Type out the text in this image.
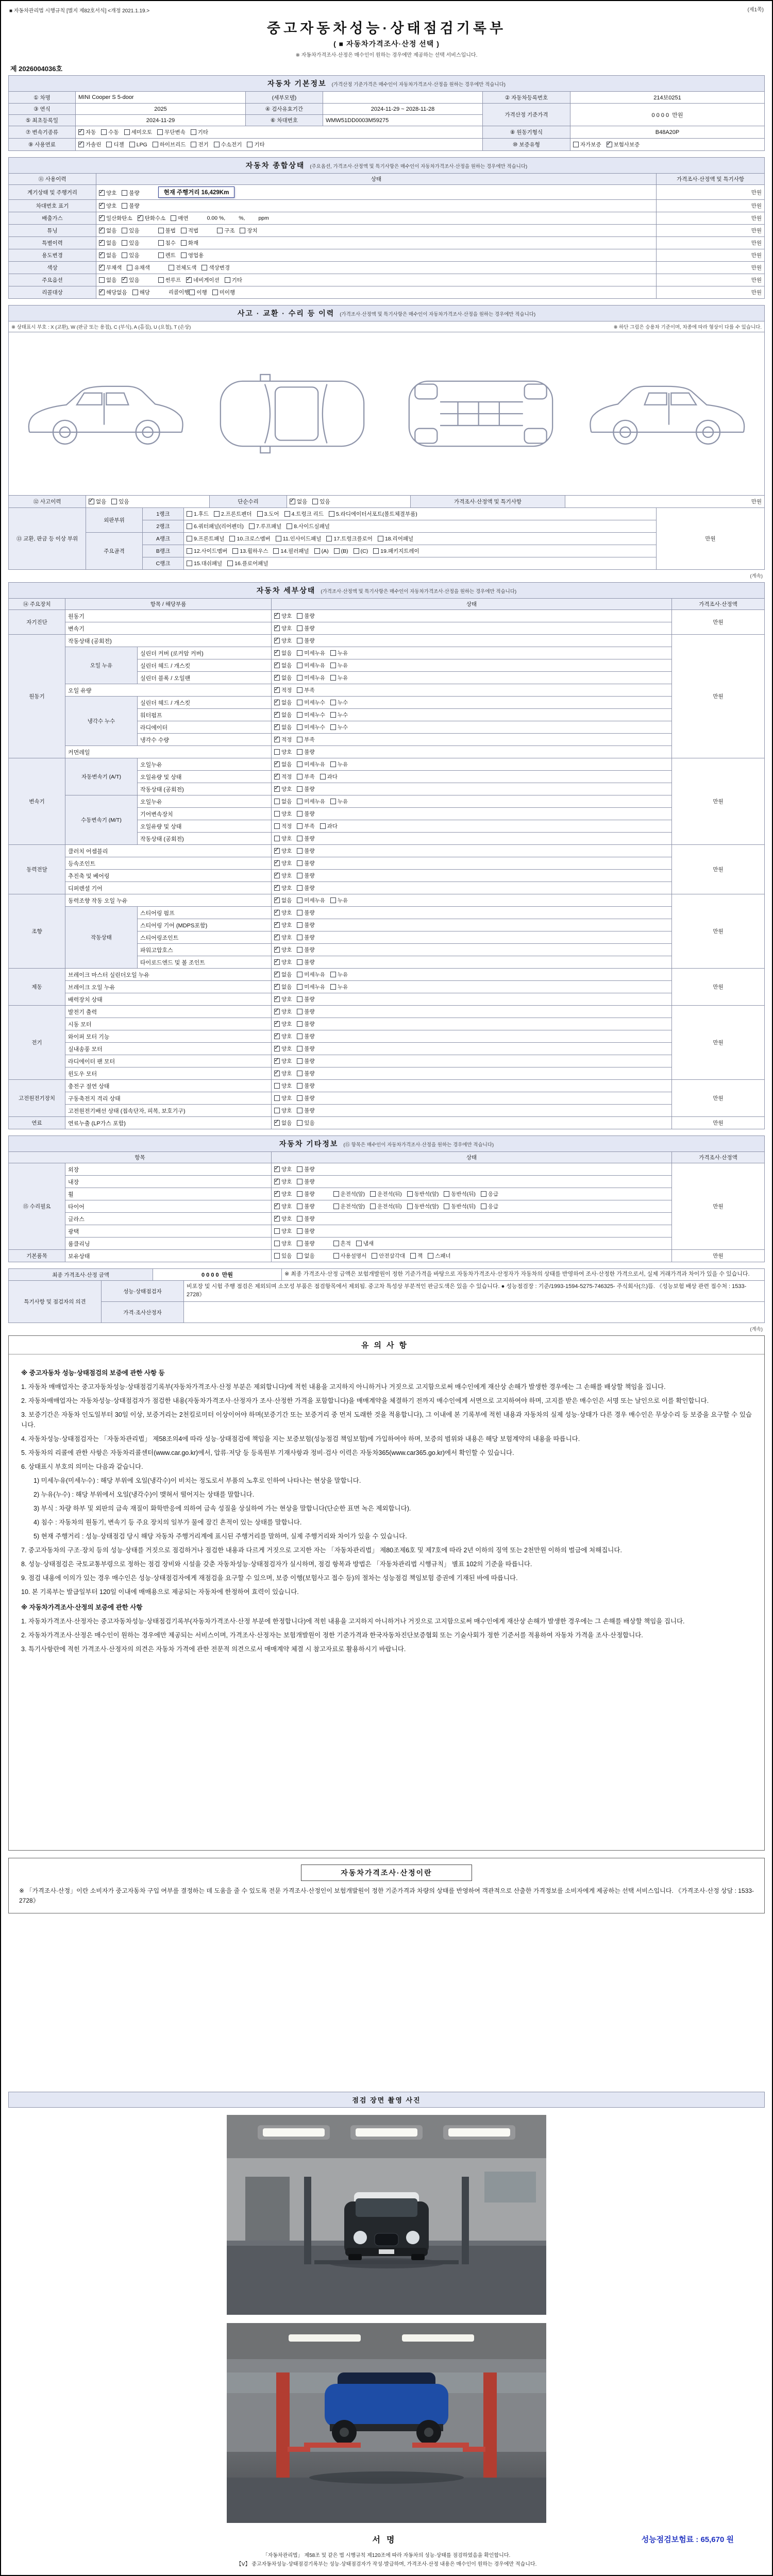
■ 자동차관리법 시행규칙 [별지 제82호서식] <개정 2021.1.19.>	(제1쪽)
중고자동차성능·상태점검기록부
( ■ 자동차가격조사·산정 선택 )
※ 자동차가격조사·산정은 매수인이 원하는 경우에만 제공하는 선택 서비스입니다.
제 2026004036호
자동차 기본정보 (가격산정 기준가격은 매수인이 자동차가격조사·산정을 원하는 경우에만 적습니다)					
① 차명	MINI Cooper S 5-door	(세부모델)		② 자동차등록번호	214보0251
③ 연식	2025	④ 검사유효기간	2024-11-29 ~ 2028-11-28	가격산정 기준가격	0 0 0 0 만원
⑤ 최초등록일	2024-11-29	⑥ 차대번호	WMW51DD0003M59275		
⑦ 변속기종류	
✓자동 수동 세미오토 무단변속 기타			⑧ 원동기형식	B48A20P
⑨ 사용연료	
✓가솔린 디젤 LPG 하이브리드 전기 수소전기 기타	⑩ 보증유형	자가보증 ✓ 보험사보증
자동차 종합상태 (주요옵션, 가격조사·산정액 및 특기사항은 매수인이 자동차가격조사·산정을 원하는 경우에만 적습니다)		
⑪ 사용이력	상태	가격조사·산정액 및 특기사항
계기상태 및 주행거리	
✓양호 불량 현재 주행거리 16,429Km	만원
차대번호 표기	
✓양호 불량	만원
배출가스	
✓일산화탄소 ✓ 탄화수소 매연 0.00 %, %, ppm	만원
튜닝	
✓없음 있음	불법 적법	구조 장치	만원
특별이력	
✓없음 있음 침수 화재	만원
용도변경	
✓없음 있음 렌트 영업용	만원
색상	
✓무채색 유채색 전체도색 색상변경	만원
주요옵션	없음 ✓ 있음 썬루프 ✓ 네비게이션 기타	만원
리콜대상	
✓해당없음 해당 리콜이행 이행 미이행	만원
사고 · 교환 · 수리 등 이력 (가격조사·산정액 및 특기사항은 매수인이 자동차가격조사·산정을 원하는 경우에만 적습니다)

※ 상태표시 부호 : X (교환), W (판금 또는 용접), C (부식), A (흠집), U (요철), T (손상)	※ 하단 그림은 승용차 기준이며, 차종에 따라 형상이 다를 수 있습니다.

⑫ 사고이력	
✓없음 있음	단순수리	
✓없음 있음	가격조사·산정액 및 특기사항	만원
⑬ 교환, 판금 등 이상 부위	외판부위	1랭크	1.후드 2.프론트펜더 3.도어 4.트렁크 리드 5.라디에이터서포트(볼트체결부품)	만원
		2랭크	6.쿼터패널(리어펜더) 7.루프패널 8.사이드실패널	

	주요골격	A랭크	9.프론트패널 10.크로스멤버 11.인사이드패널 17.트렁크플로어 18.리어패널	

B랭크	12.사이드멤버 13.휠하우스 14.필러패널 (A) (B) (C) 19.패키지트레이

		C랭크	15.대쉬패널 16.플로어패널	
(계속)
자동차 세부상태 (가격조사·산정액 및 특기사항은 매수인이 자동차가격조사·산정을 원하는 경우에만 적습니다)				
⑭ 주요장치	항목 / 해당부품		상태	가격조사·산정액
자기진단	원동기	
✓양호 불량	만원
	변속기	
✓양호 불량

원동기	작동상태 (공회전)	
✓양호 불량	만원
	오일 누유	실린더 커버 (로커암 커버)	
✓없음 미세누유 누유

		실린더 헤드 / 개스킷	
✓없음 미세누유 누유

		실린더 블록 / 오일팬	
✓없음 미세누유 누유

	오일 유량	
✓적정 부족

	냉각수 누수	실린더 헤드 / 개스킷	
✓없음 미세누수 누수

		워터펌프	
✓없음 미세누수 누수

		라디에이터	
✓없음 미세누수 누수

		냉각수 수량	
✓적정 부족

	커먼레일		양호 불량	

변속기	자동변속기 (A/T)	오일누유	
✓없음 미세누유 누유	만원
		오일유량 및 상태	
✓적정 부족 과다

		작동상태 (공회전)	
✓양호 불량

	수동변속기 (M/T)	오일누유	없음 미세누유 누유	

		기어변속장치	양호 불량	

		오일유량 및 상태	적정 부족 과다	

		작동상태 (공회전)	양호 불량	

동력전달	클러치 어셈블리	
✓양호 불량	만원
	등속조인트	
✓양호 불량

	추진축 및 베어링	
✓양호 불량

	디퍼렌셜 기어	
✓양호 불량

조향	동력조향 작동 오일 누유	
✓없음 미세누유 누유	만원
	작동상태	스티어링 펌프	
✓양호 불량

		스티어링 기어 (MDPS포함)	
✓양호 불량

		스티어링조인트	
✓양호 불량

		파워고압호스	
✓양호 불량

		타이로드엔드 및 볼 조인트	
✓양호 불량

제동	브레이크 마스터 실린더오일 누유	
✓없음 미세누유 누유	만원
	브레이크 오일 누유	
✓없음 미세누유 누유

	배력장치 상태	
✓양호 불량

전기	발전기 출력	
✓양호 불량	만원
	시동 모터	
✓양호 불량

	와이퍼 모터 기능	
✓양호 불량

	실내송풍 모터	
✓양호 불량

	라디에이터 팬 모터	
✓양호 불량

	윈도우 모터	
✓양호 불량

고전원전기장치	충전구 절연 상태		양호 불량	만원
	구동축전지 격리 상태		양호 불량	

	고전원전기배선 상태 (접속단자, 피복, 보호기구)		양호 불량	

연료	연료누출 (LP가스 포함)	
✓없음 있음	만원
자동차 기타정보 (⑮ 항목은 매수인이 자동차가격조사·산정을 원하는 경우에만 적습니다)			
항목		상태	가격조사·산정액
⑮ 수리필요	외장	
✓양호 불량	만원
	내장	
✓양호 불량

휠	
✓양호 불량	운전석(앞) 운전석(뒤) 동반석(앞) 동반석(뒤) 응급

타이어	
✓양호 불량	운전석(앞) 운전석(뒤) 동반석(앞) 동반석(뒤) 응급

	글라스	
✓양호 불량

	광택	양호 불량	

	룸클리닝	양호 불량 흔적 냄새	

기본품목	보유상태	있음 없음	사용설명서 안전삼각대 잭 스패너	만원
최종 가격조사·산정 금액	0 0 0 0 만원	※ 최종 가격조사·산정 금액은 보험개발원이 정한 기준가격을 바탕으로 자동차가격조사·산정자가 자동차의 상태를 반영하여 조사·산정한 가격으로서, 실제 거래가격과 차이가 있을 수 있습니다.
특기사항 및 점검자의 의견	성능·상태점검자	비포장 및 시험 주행 점검은 제외되며 소모성 부품은 점검항목에서 제외됨. 중고차 특성상 부분적인 판금도색은 있을 수 있습니다. ● 성능점검장 : 기준/1993-1594-5275-746325- 주식회사(으)뜸. 《성능보험 배상 관련 접수처 : 1533-2728》
	가격·조사산정자	
(계속)
유의사항
※ 중고자동차 성능·상태점검의 보증에 관한 사항 등
1. 자동차 매매업자는 중고자동차성능·상태점검기록부(자동차가격조사·산정 부분은 제외합니다)에 적힌 내용을 고지하지 아니하거나 거짓으로 고지함으로써 매수인에게 재산상 손해가 발생한 경우에는 그 손해를 배상할 책임을 집니다.
2. 자동차매매업자는 자동차성능·상태점검자가 점검한 내용(자동차가격조사·산정자가 조사·산정한 가격을 포함합니다)을 매매계약을 체결하기 전까지 매수인에게 서면으로 고지하여야 하며, 고지를 받은 매수인은 서명 또는 날인으로 이를 확인합니다.
3. 보증기간은 자동차 인도일부터 30일 이상, 보증거리는 2천킬로미터 이상이어야 하며(보증기간 또는 보증거리 중 먼저 도래한 것을 적용합니다), 그 이내에 본 기록부에 적힌 내용과 자동차의 실제 성능·상태가 다른 경우 매수인은 무상수리 등 보증을 요구할 수 있습니다.
4. 자동차성능·상태점검자는 「자동차관리법」 제58조의4에 따라 성능·상태점검에 책임을 지는 보증보험(성능점검 책임보험)에 가입하여야 하며, 보증의 범위와 내용은 해당 보험계약의 내용을 따릅니다.
5. 자동차의 리콜에 관한 사항은 자동차리콜센터(www.car.go.kr)에서, 압류·저당 등 등록원부 기재사항과 정비·검사 이력은 자동차365(www.car365.go.kr)에서 확인할 수 있습니다.
6. 상태표시 부호의 의미는 다음과 같습니다.
1) 미세누유(미세누수) : 해당 부위에 오일(냉각수)이 비치는 정도로서 부품의 노후로 인하여 나타나는 현상을 말합니다.
2) 누유(누수) : 해당 부위에서 오일(냉각수)이 맺혀서 떨어지는 상태를 말합니다.
3) 부식 : 차량 하부 및 외판의 금속 재질이 화학반응에 의하여 금속 성질을 상실하여 가는 현상을 말합니다(단순한 표면 녹은 제외합니다).
4) 침수 : 자동차의 원동기, 변속기 등 주요 장치의 일부가 물에 잠긴 흔적이 있는 상태를 말합니다.
5) 현재 주행거리 : 성능·상태점검 당시 해당 자동차 주행거리계에 표시된 주행거리를 말하며, 실제 주행거리와 차이가 있을 수 있습니다.
7. 중고자동차의 구조·장치 등의 성능·상태를 거짓으로 점검하거나 점검한 내용과 다르게 거짓으로 고지한 자는 「자동차관리법」 제80조제6호 및 제7호에 따라 2년 이하의 징역 또는 2천만원 이하의 벌금에 처해집니다.
8. 성능·상태점검은 국토교통부령으로 정하는 점검 장비와 시설을 갖춘 자동차성능·상태점검자가 실시하며, 점검 항목과 방법은 「자동차관리법 시행규칙」 별표 102의 기준을 따릅니다.
9. 점검 내용에 이의가 있는 경우 매수인은 성능·상태점검자에게 재점검을 요구할 수 있으며, 보증 이행(보험사고 접수 등)의 절차는 성능점검 책임보험 증권에 기재된 바에 따릅니다.
10. 본 기록부는 발급일부터 120일 이내에 매매용으로 제공되는 자동차에 한정하여 효력이 있습니다.
※ 자동차가격조사·산정의 보증에 관한 사항
1. 자동차가격조사·산정자는 중고자동차성능·상태점검기록부(자동차가격조사·산정 부분에 한정합니다)에 적힌 내용을 고지하지 아니하거나 거짓으로 고지함으로써 매수인에게 재산상 손해가 발생한 경우에는 그 손해를 배상할 책임을 집니다.
2. 자동차가격조사·산정은 매수인이 원하는 경우에만 제공되는 서비스이며, 가격조사·산정자는 보험개발원이 정한 기준가격과 한국자동차진단보증협회 또는 기술사회가 정한 기준서를 적용하여 자동차 가격을 조사·산정합니다.
3. 특기사항란에 적힌 가격조사·산정자의 의견은 자동차 가격에 관한 전문적 의견으로서 매매계약 체결 시 참고자료로 활용하시기 바랍니다.
자동차가격조사·산정이란
※ 「가격조사·산정」이란 소비자가 중고자동차 구입 여부를 결정하는 데 도움을 줄 수 있도록 전문 가격조사·산정인이 보험개발원이 정한 기준가격과 차량의 상태를 반영하여 객관적으로 산출한 가격정보를 소비자에게 제공하는 선택 서비스입니다. 《가격조사·산정 상담 : 1533-2728》
점검 장면 촬영 사진
서명	성능점검보험료 : 65,670 원
「자동차관리법」 제58조 및 같은 법 시행규칙 제120조에 따라 자동차의 성능·상태를 점검하였음을 확인합니다.
【Ⅴ】 중고자동차성능·상태점검기록부는 성능·상태점검자가 작성·발급하며, 가격조사·산정 내용은 매수인이 원하는 경우에만 적습니다.
